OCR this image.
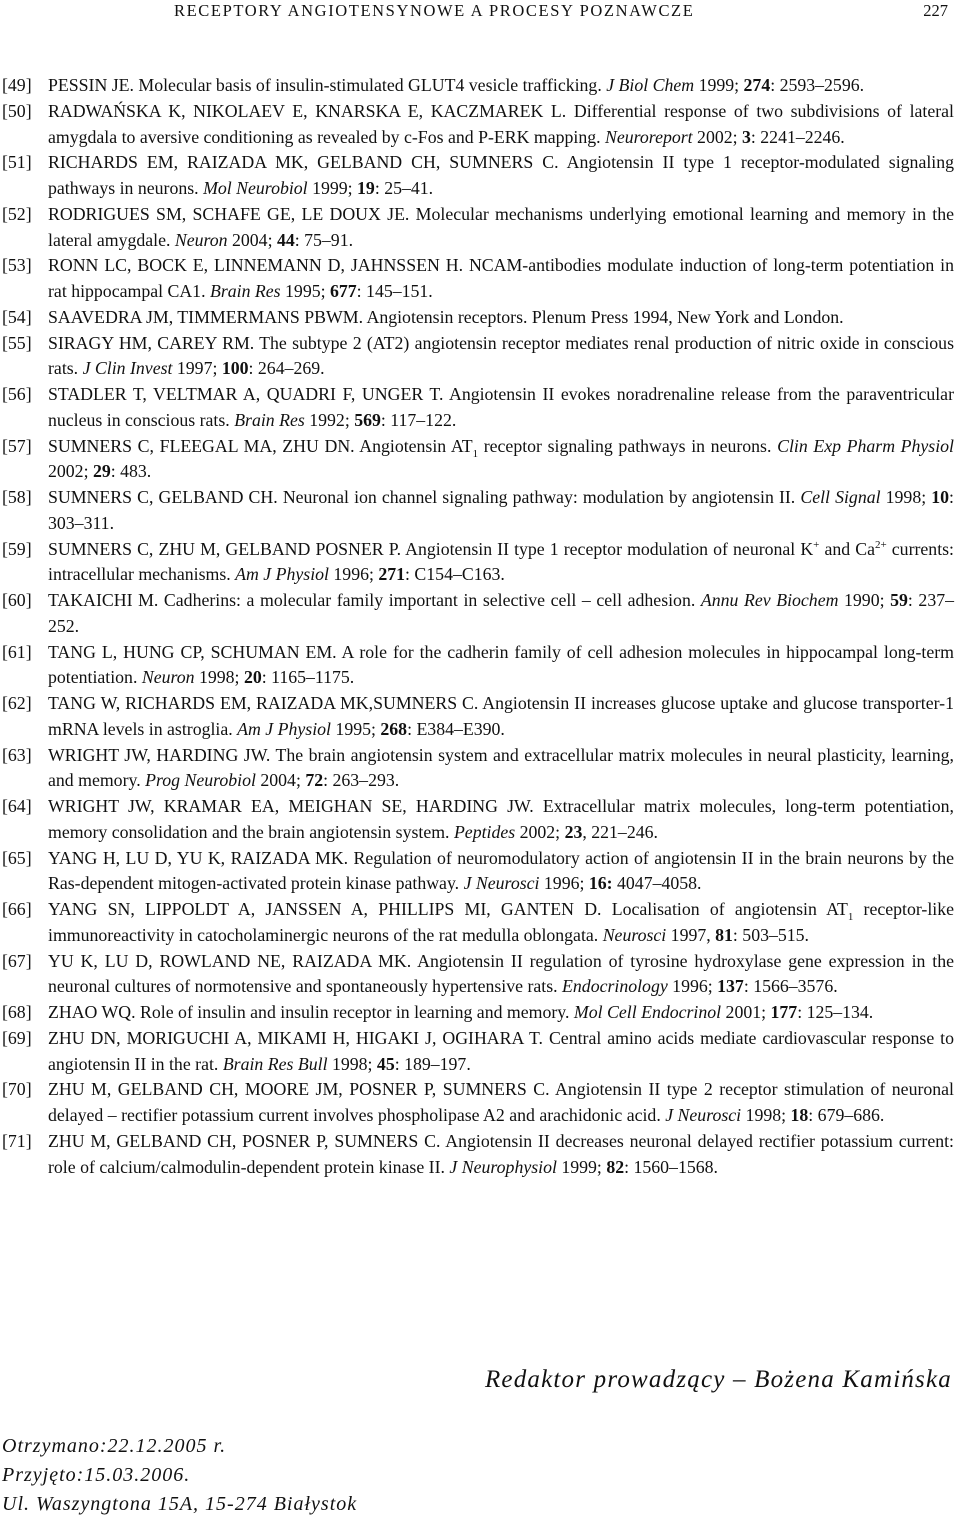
RECEPTORY ANGIOTENSYNOWE A PROCESY POZNAWCZE	227
[49] PESSIN JE. Molecular basis of insulin-stimulated GLUT4 vesicle trafficking. J Biol Chem 1999; 274: 2593–2596.
[50] RADWAŃSKA K, NIKOLAEV E, KNARSKA E, KACZMAREK L. Differential response of two subdivisions of lateral amygdala to aversive conditioning as revealed by c-Fos and P-ERK mapping. Neuroreport 2002; 3: 2241–2246.
[51] RICHARDS EM, RAIZADA MK, GELBAND CH, SUMNERS C. Angiotensin II type 1 receptor-modulated signaling pathways in neurons. Mol Neurobiol 1999; 19: 25–41.
[52] RODRIGUES SM, SCHAFE GE, LE DOUX JE. Molecular mechanisms underlying emotional learning and memory in the lateral amygdale. Neuron 2004; 44: 75–91.
[53] RONN LC, BOCK E, LINNEMANN D, JAHNSSEN H. NCAM-antibodies modulate induction of long-term potentiation in rat hippocampal CA1. Brain Res 1995; 677: 145–151.
[54] SAAVEDRA JM, TIMMERMANS PBWM. Angiotensin receptors. Plenum Press 1994, New York and London.
[55] SIRAGY HM, CAREY RM. The subtype 2 (AT2) angiotensin receptor mediates renal production of nitric oxide in conscious rats. J Clin Invest 1997; 100: 264–269.
[56] STADLER T, VELTMAR A, QUADRI F, UNGER T. Angiotensin II evokes noradrenaline release from the paraventricular nucleus in conscious rats. Brain Res 1992; 569: 117–122.
[57] SUMNERS C, FLEEGAL MA, ZHU DN. Angiotensin $AT_1$ receptor signaling pathways in neurons. Clin Exp Pharm Physiol 2002; 29: 483.
[58] SUMNERS C, GELBAND CH. Neuronal ion channel signaling pathway: modulation by angiotensin II. Cell Signal 1998; 10: 303–311.
[59] SUMNERS C, ZHU M, GELBAND POSNER P. Angiotensin II type 1 receptor modulation of neuronal K+ and $Ca^{2+}$ currents: intracellular mechanisms. Am J Physiol 1996; 271: C154–C163.
[60] TAKAICHI M. Cadherins: a molecular family important in selective cell – cell adhesion. Annu Rev Biochem 1990; 59: 237–252.
[61] TANG L, HUNG CP, SCHUMAN EM. A role for the cadherin family of cell adhesion molecules in hippocampal long-term potentiation. Neuron 1998; 20: 1165–1175.
[62] TANG W, RICHARDS EM, RAIZADA MK,SUMNERS C. Angiotensin II increases glucose uptake and glucose transporter-1 mRNA levels in astroglia. Am J Physiol 1995; 268: E384–E390.
[63] WRIGHT JW, HARDING JW. The brain angiotensin system and extracellular matrix molecules in neural plasticity, learning, and memory. Prog Neurobiol 2004; 72: 263–293.
[64] WRIGHT JW, KRAMAR EA, MEIGHAN SE, HARDING JW. Extracellular matrix molecules, long-term potentiation, memory consolidation and the brain angiotensin system. Peptides 2002; 23, 221–246.
[65] YANG H, LU D, YU K, RAIZADA MK. Regulation of neuromodulatory action of angiotensin II in the brain neurons by the Ras-dependent mitogen-activated protein kinase pathway. J Neurosci 1996; 16: 4047–4058.
[66] YANG SN, LIPPOLDT A, JANSSEN A, PHILLIPS MI, GANTEN D. Localisation of angiotensin $AT_1$ receptor-like immunoreactivity in catocholaminergic neurons of the rat medulla oblongata. Neurosci 1997, 81: 503–515.
[67] YU K, LU D, ROWLAND NE, RAIZADA MK. Angiotensin II regulation of tyrosine hydroxylase gene expression in the neuronal cultures of normotensive and spontaneously hypertensive rats. Endocrinology 1996; 137: 1566–3576.
[68] ZHAO WQ. Role of insulin and insulin receptor in learning and memory. Mol Cell Endocrinol 2001; 177: 125–134.
[69] ZHU DN, MORIGUCHI A, MIKAMI H, HIGAKI J, OGIHARA T. Central amino acids mediate cardiovascular response to angiotensin II in the rat. Brain Res Bull 1998; 45: 189–197.
[70] ZHU M, GELBAND CH, MOORE JM, POSNER P, SUMNERS C. Angiotensin II type 2 receptor stimulation of neuronal delayed – rectifier potassium current involves phospholipase A2 and arachidonic acid. J Neurosci 1998; 18: 679–686.
[71] ZHU M, GELBAND CH, POSNER P, SUMNERS C. Angiotensin II decreases neuronal delayed rectifier potassium current: role of calcium/calmodulin-dependent protein kinase II. J Neurophysiol 1999; 82: 1560–1568.
Redaktor prowadzący – Bożena Kamińska
Otrzymano:22.12.2005 r.
Przyjęto:15.03.2006.
Ul. Waszyngtona 15A, 15-274 Białystok
